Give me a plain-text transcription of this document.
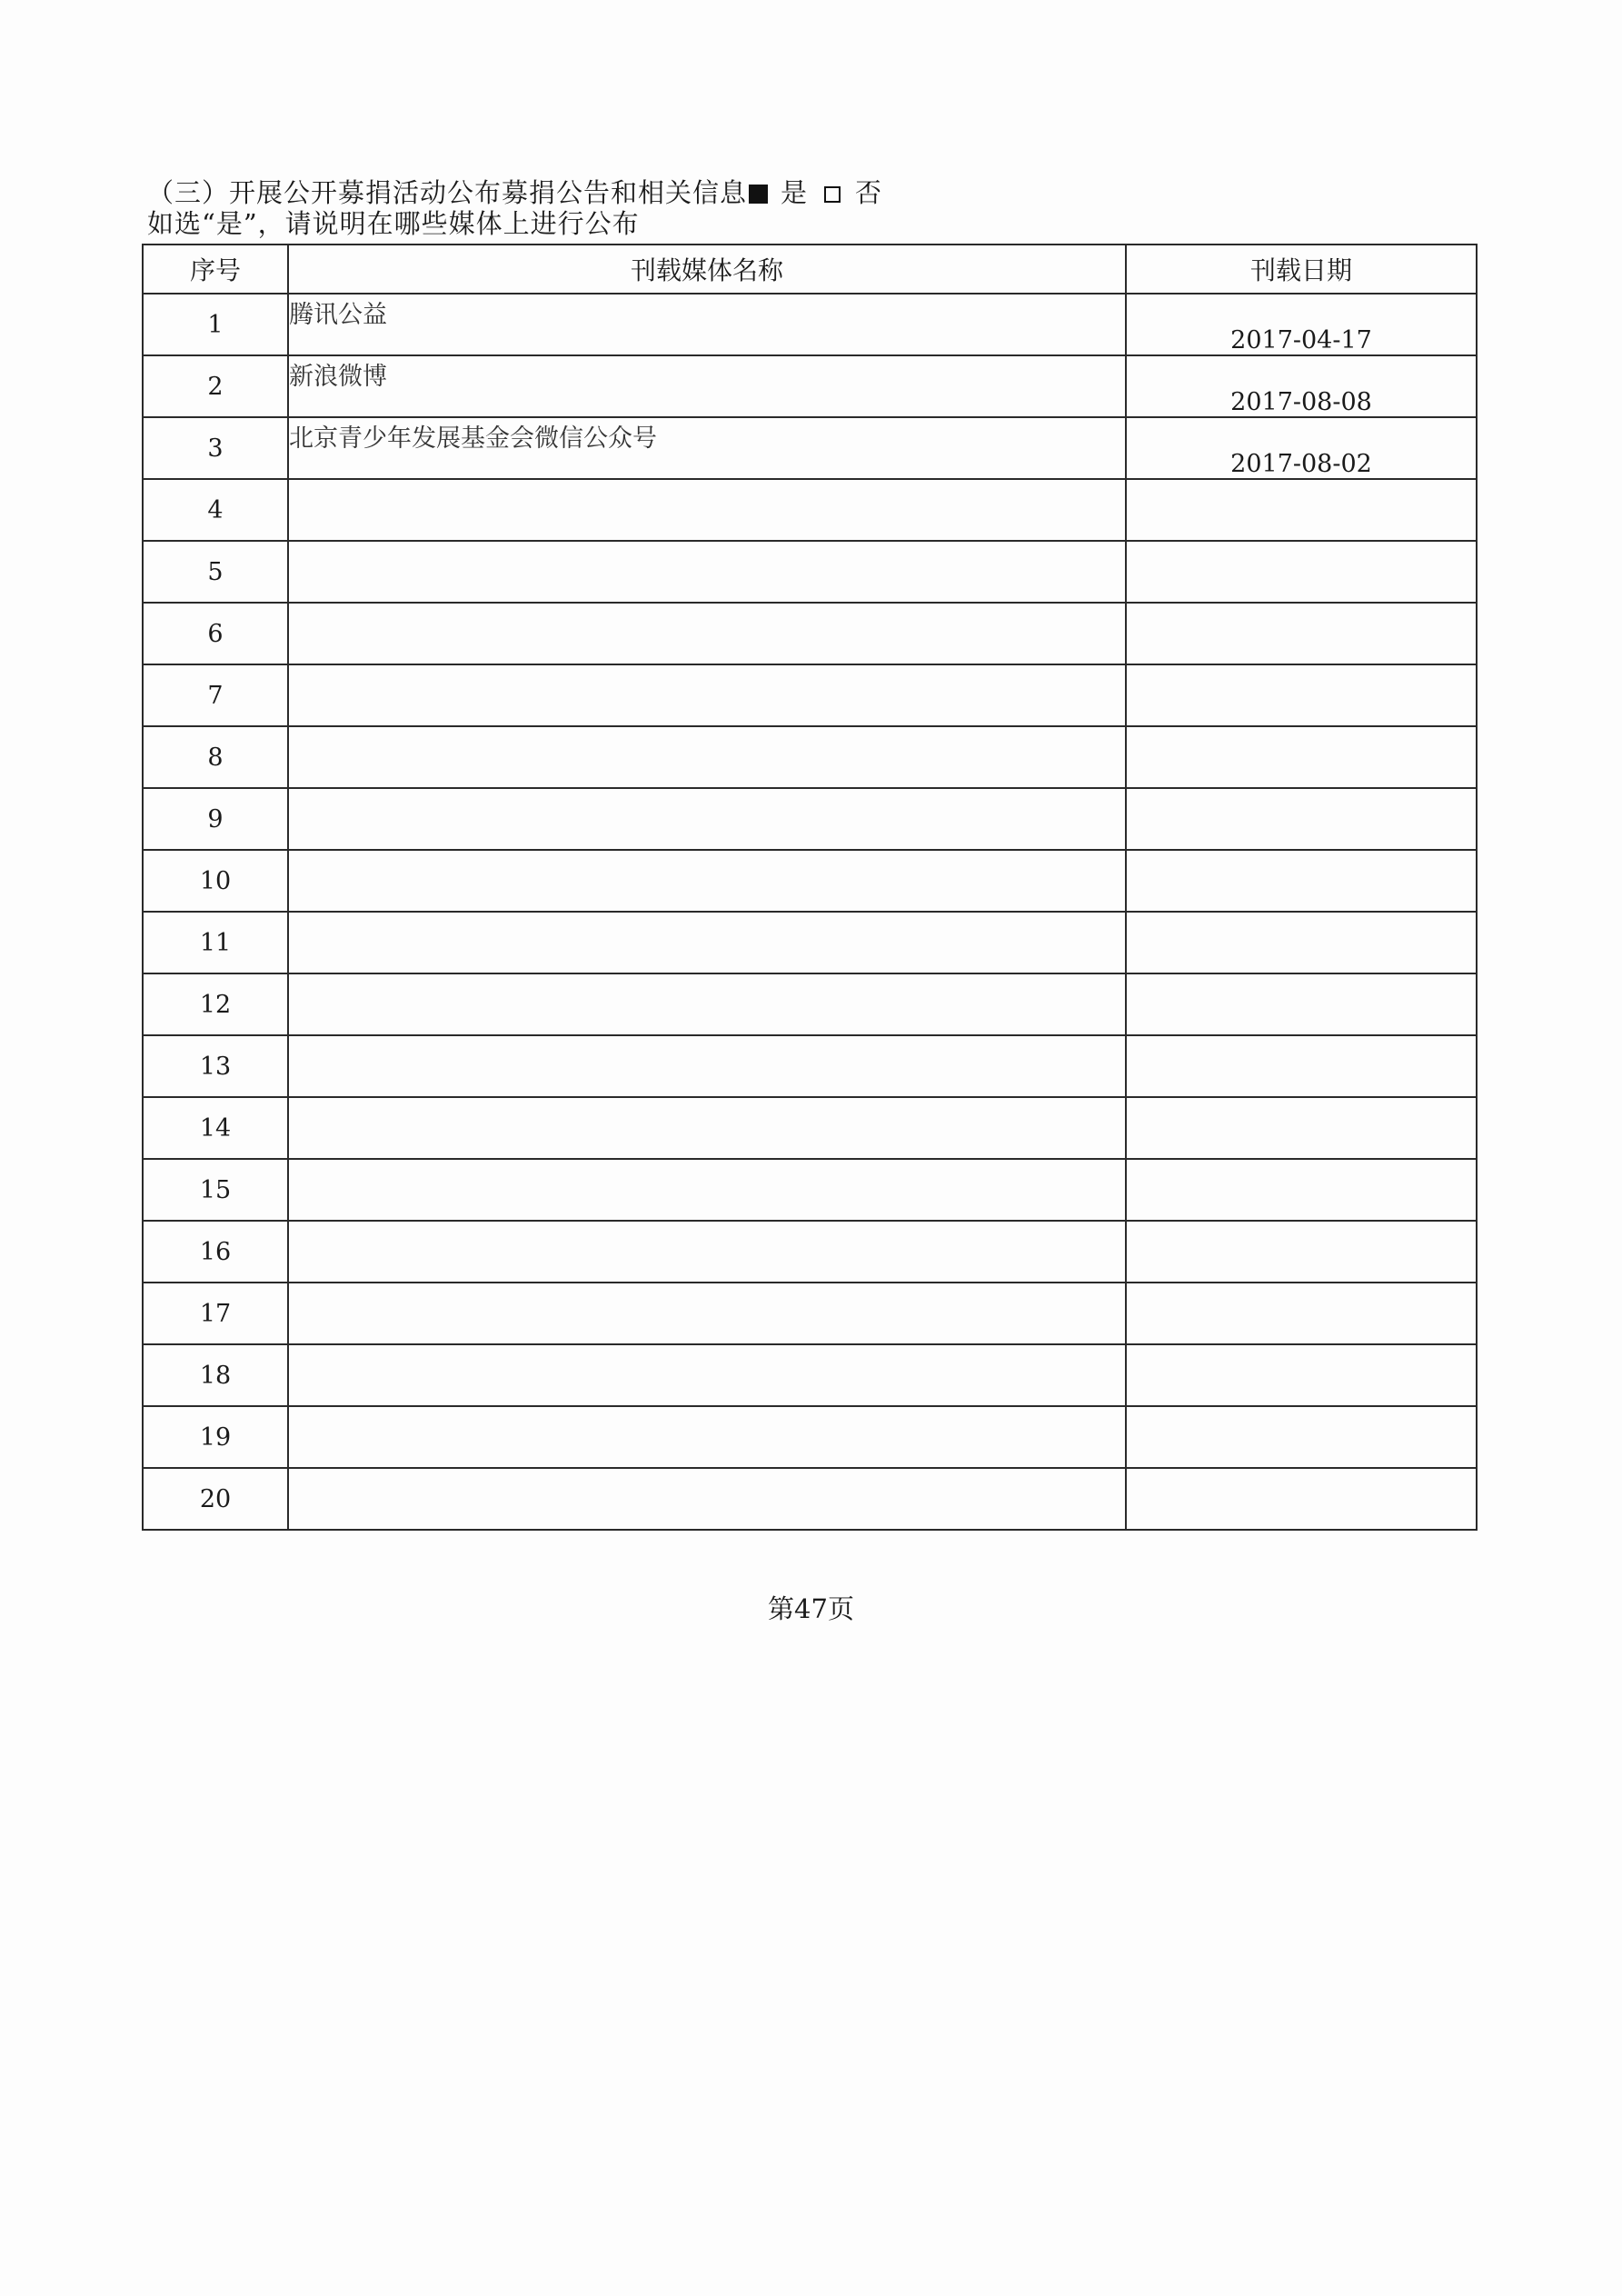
（三）开展公开募捐活动公布募捐公告和相关信息 是 否
如选“是”，请说明在哪些媒体上进行公布
序号	刊载媒体名称	刊载日期
1	腾讯公益	2017-04-17
2	新浪微博	2017-08-08
3	北京青少年发展基金会微信公众号	2017-08-02
4		
5		
6		
7		
8		
9		
10		
11		
12		
13		
14		
15		
16		
17		
18		
19		
20		
第47页
